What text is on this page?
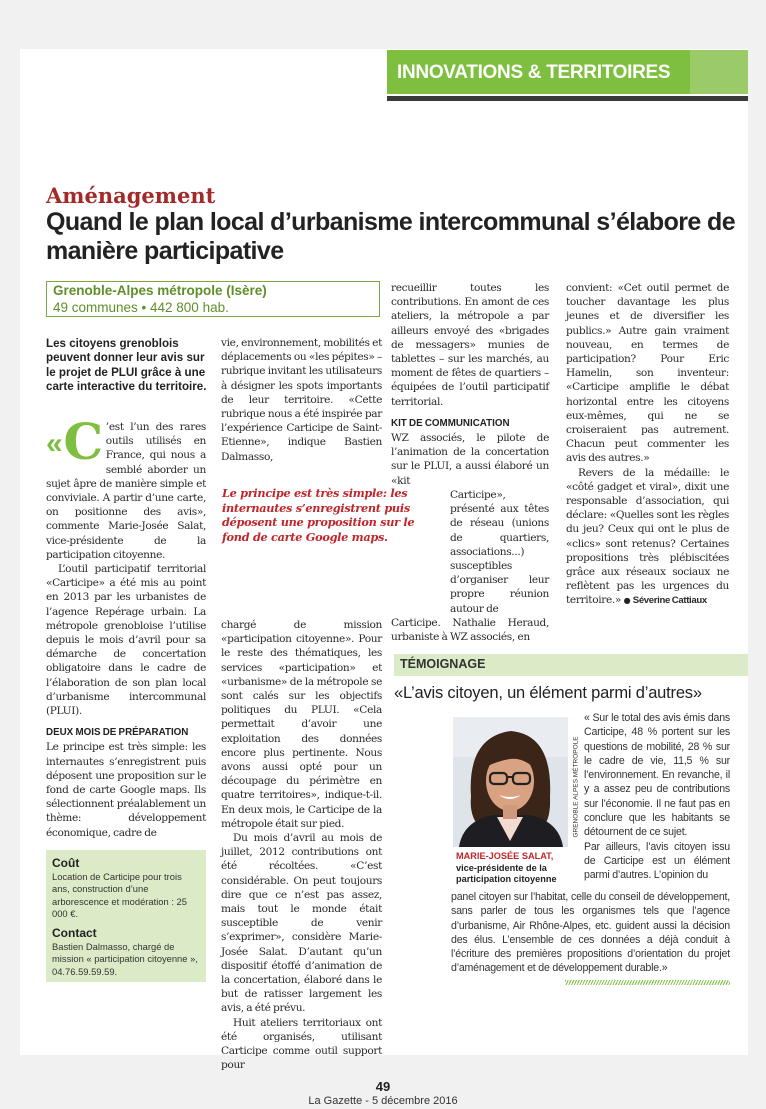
INNOVATIONS & TERRITOIRES
Aménagement
Quand le plan local d’urbanisme intercommunal s’élabore de manière participative
Grenoble-Alpes métropole (Isère)
49 communes • 442 800 hab.
Les citoyens grenoblois peuvent donner leur avis sur le projet de PLUI grâce à une carte interactive du territoire.

« C ’est l’un des rares outils utilisés en France, qui nous a semblé aborder un sujet âpre de manière simple et conviviale. A partir d’une carte, on positionne des avis», commente Marie-Josée Salat, vice-présidente de la participation citoyenne.

L’outil participatif territorial «Carticipe» a été mis au point en 2013 par les urbanistes de l’agence Repérage urbain. La métropole grenobloise l’utilise depuis le mois d’avril pour sa démarche de concertation obligatoire dans le cadre de l’élaboration de son plan local d’urbanisme intercommunal (PLUI).

DEUX MOIS DE PRÉPARATION

Le principe est très simple: les internautes s’enregistrent puis déposent une proposition sur le fond de carte Google maps. Ils sélectionnent préalablement un thème: développement économique, cadre de

Coût
Location de Carticipe pour trois ans, construction d’une arborescence et modération : 25 000 €.
Contact
Bastien Dalmasso, chargé de mission « participation citoyenne », 04.76.59.59.59.

vie, environnement, mobilités et déplacements ou «les pépites» – rubrique invitant les utilisateurs à désigner les spots importants de leur territoire. «Cette rubrique nous a été inspirée par l’expérience Carticipe de Saint-Etienne», indique Bastien Dalmasso,

Le principe est très simple: les internautes s’enregistrent puis déposent une proposition sur le fond de carte Google maps.

chargé de mission «participation citoyenne». Pour le reste des thématiques, les services «participation» et «urbanisme» de la métropole se sont calés sur les objectifs politiques du PLUI. «Cela permettait d’avoir une exploitation des données encore plus pertinente. Nous avons aussi opté pour un découpage du périmètre en quatre territoires», indique-t-il. En deux mois, le Carticipe de la métropole était sur pied.

Du mois d’avril au mois de juillet, 2012 contributions ont été récoltées. «C’est considérable. On peut toujours dire que ce n’est pas assez, mais tout le monde était susceptible de venir s’exprimer», considère Marie-Josée Salat. D’autant qu’un dispositif étoffé d’animation de la concertation, élaboré dans le but de ratisser largement les avis, a été prévu.

Huit ateliers territoriaux ont été organisés, utilisant Carticipe comme outil support pour

recueillir toutes les contributions. En amont de ces ateliers, la métropole a par ailleurs envoyé des «brigades de messagers» munies de tablettes – sur les marchés, au moment de fêtes de quartiers – équipées de l’outil participatif territorial.

KIT DE COMMUNICATION

WZ associés, le pilote de l’animation de la concertation sur le PLUI, a aussi élaboré un «kit

Carticipe», présenté aux têtes de réseau (unions de quartiers, associations...) susceptibles d’organiser leur propre réunion autour de

Carticipe. Nathalie Heraud, urbaniste à WZ associés, en

convient: «Cet outil permet de toucher davantage les plus jeunes et de diversifier les publics.» Autre gain vraiment nouveau, en termes de participation? Pour Eric Hamelin, son inventeur: «Carticipe amplifie le débat horizontal entre les citoyens eux-mêmes, qui ne se croiseraient pas autrement. Chacun peut commenter les avis des autres.»

Revers de la médaille: le «côté gadget et viral», dixit une responsable d’association, qui déclare: «Quelles sont les règles du jeu? Ceux qui ont le plus de «clics» sont retenus? Certaines propositions très plébiscitées grâce aux réseaux sociaux ne reflètent pas les urgences du territoire.» ● Séverine Cattiaux

TÉMOIGNAGE
«L’avis citoyen, un élément parmi d’autres»
GRENOBLE ALPES MÉTROPOLE
MARIE-JOSÉE SALAT,
vice-présidente de la participation citoyenne

« Sur le total des avis émis dans Carticipe, 48 % portent sur les questions de mobilité, 28 % sur le cadre de vie, 11,5 % sur l’environnement. En revanche, il y a assez peu de contributions sur l’économie. Il ne faut pas en conclure que les habitants se détournent de ce sujet.

Par ailleurs, l’avis citoyen issu de Carticipe est un élément parmi d’autres. L’opinion du

panel citoyen sur l’habitat, celle du conseil de développement, sans parler de tous les organismes tels que l’agence d’urbanisme, Air Rhône-Alpes, etc. guident aussi la décision des élus. L’ensemble de ces données a déjà conduit à l’écriture des premières propositions d’orientation du projet d’aménagement et de développement durable.»
49
La Gazette - 5 décembre 2016
